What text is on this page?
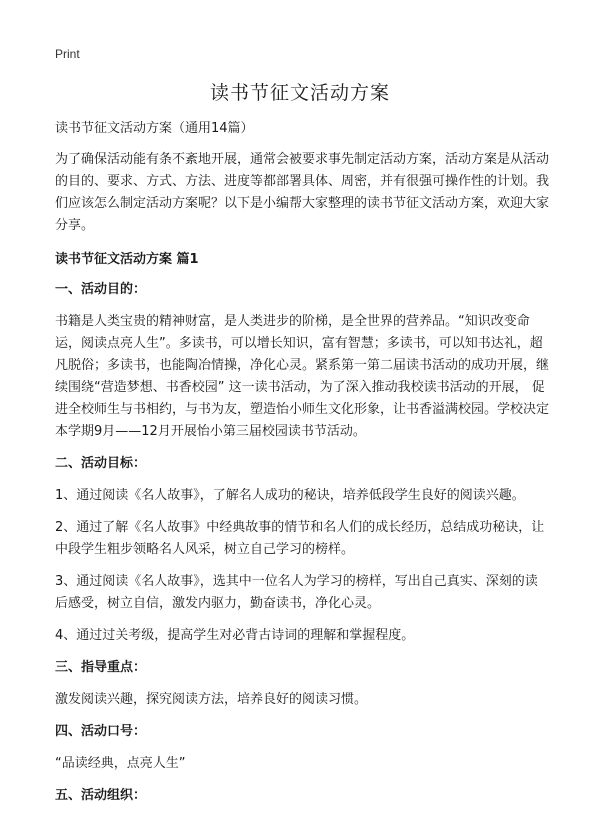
Print
读书节征文活动方案

读书节征文活动方案（通用14篇）

为了确保活动能有条不紊地开展，通常会被要求事先制定活动方案，活动方案是从活动的目的、要求、方式、方法、进度等都部署具体、周密，并有很强可操作性的计划。我们应该怎么制定活动方案呢？以下是小编帮大家整理的读书节征文活动方案，欢迎大家分享。

读书节征文活动方案 篇1

一、活动目的：

书籍是人类宝贵的精神财富，是人类进步的阶梯，是全世界的营养品。“知识改变命运，阅读点亮人生”。多读书，可以增长知识，富有智慧；多读书，可以知书达礼，超凡脱俗；多读书，也能陶冶情操，净化心灵。紧系第一第二届读书活动的成功开展，继续围绕“营造梦想、书香校园” 这一读书活动，为了深入推动我校读书活动的开展， 促进全校师生与书相约，与书为友，塑造怡小师生文化形象，让书香溢满校园。学校决定本学期9月——12月开展怡小第三届校园读书节活动。

二、活动目标：

1、通过阅读《名人故事》，了解名人成功的秘诀，培养低段学生良好的阅读兴趣。

2、通过了解《名人故事》中经典故事的情节和名人们的成长经历，总结成功秘诀，让中段学生粗步领略名人风采，树立自己学习的榜样。

3、通过阅读《名人故事》，选其中一位名人为学习的榜样，写出自己真实、深刻的读后感受，树立自信，激发内驱力，勤奋读书，净化心灵。

4、通过过关考级，提高学生对必背古诗词的理解和掌握程度。

三、指导重点：

激发阅读兴趣，探究阅读方法，培养良好的阅读习惯。

四、活动口号：

“品读经典，点亮人生”

五、活动组织：
